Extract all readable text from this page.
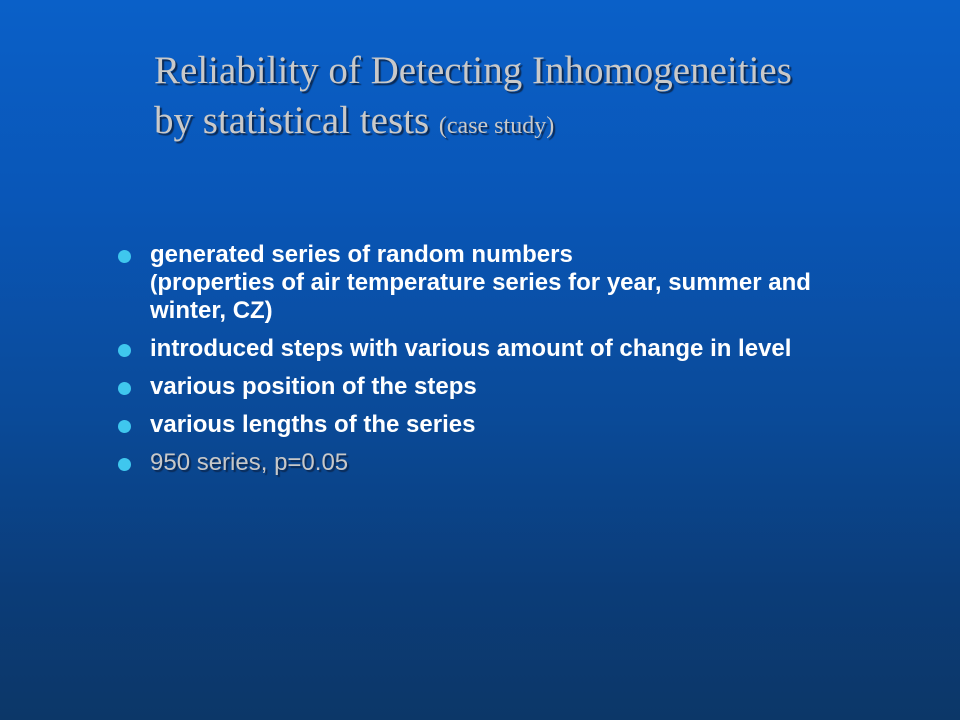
Reliability of Detecting Inhomogeneities
by statistical tests (case study)
generated series of random numbers
(properties of air temperature series for year, summer and winter, CZ)
introduced steps with various amount of change in level
various position of the steps
various lengths of the series
950 series, p=0.05
